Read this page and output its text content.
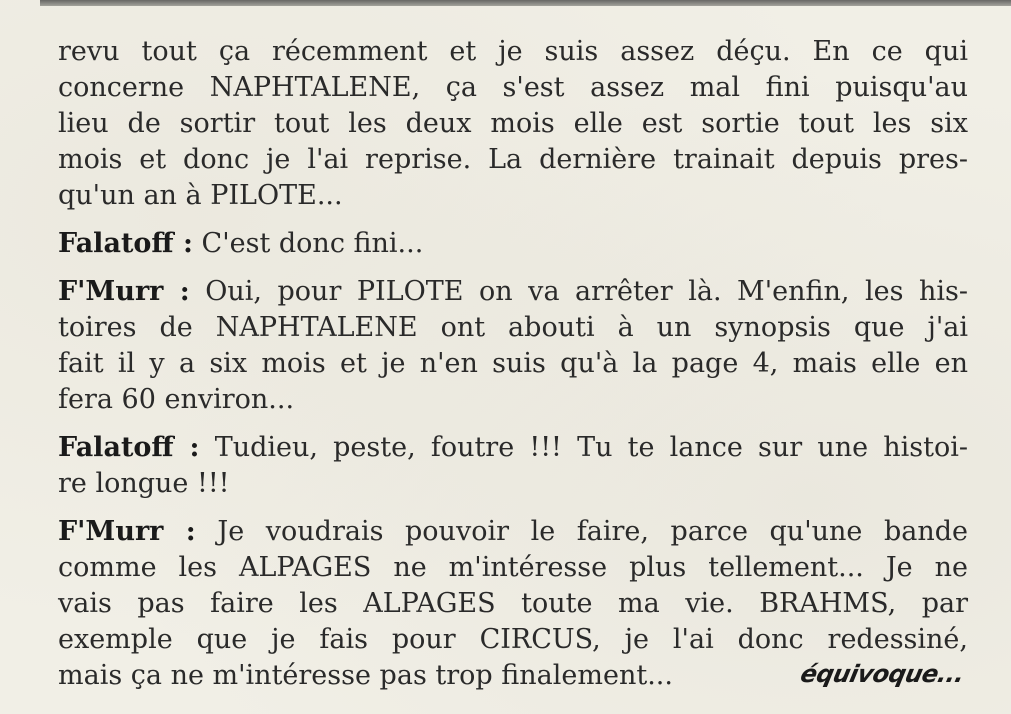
revu tout ça récemment et je suis assez déçu. En ce qui
concerne NAPHTALENE, ça s'est assez mal fini puisqu'au
lieu de sortir tout les deux mois elle est sortie tout les six
mois et donc je l'ai reprise. La dernière trainait depuis pres-
qu'un an à PILOTE...
Falatoff : C'est donc fini...
F'Murr : Oui, pour PILOTE on va arrêter là. M'enfin, les his-
toires de NAPHTALENE ont abouti à un synopsis que j'ai
fait il y a six mois et je n'en suis qu'à la page 4, mais elle en
fera 60 environ...
Falatoff : Tudieu, peste, foutre !!! Tu te lance sur une histoi-
re longue !!!
F'Murr : Je voudrais pouvoir le faire, parce qu'une bande
comme les ALPAGES ne m'intéresse plus tellement... Je ne
vais pas faire les ALPAGES toute ma vie. BRAHMS, par
exemple que je fais pour CIRCUS, je l'ai donc redessiné,
mais ça ne m'intéresse pas trop finalement...	équivoque...
